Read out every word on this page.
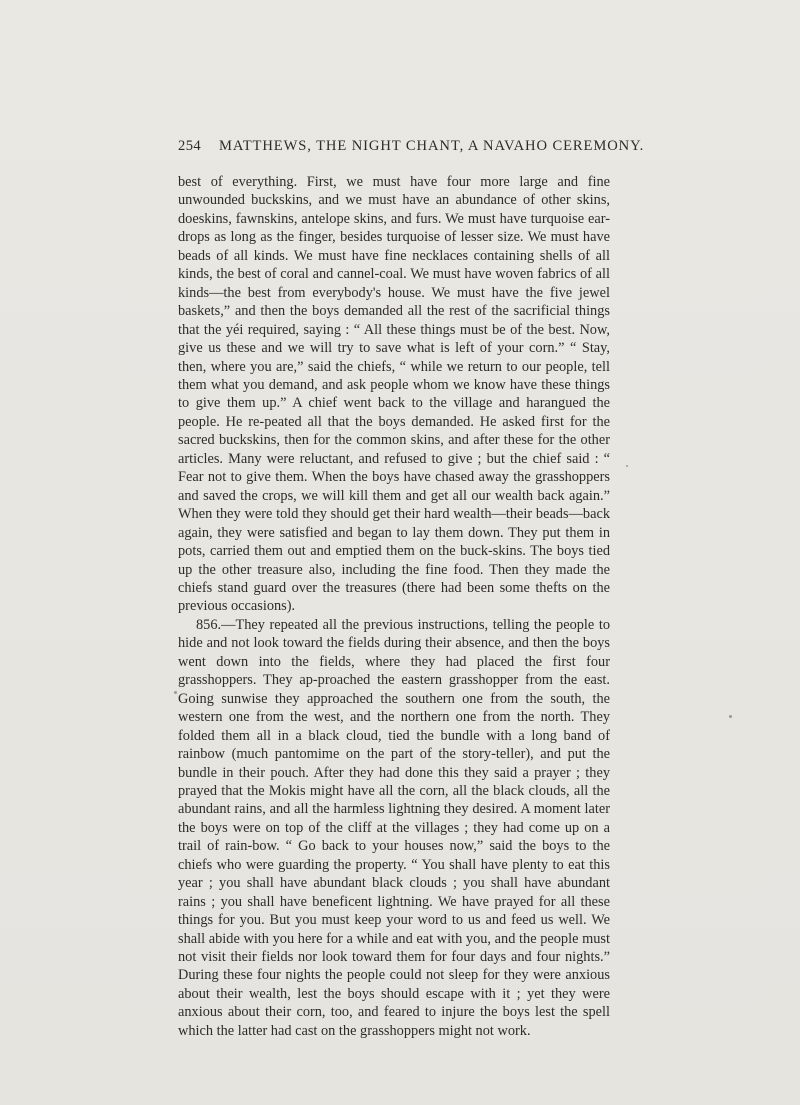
254 MATTHEWS, THE NIGHT CHANT, A NAVAHO CEREMONY.

best of everything. First, we must have four more large and fine unwounded buckskins, and we must have an abundance of other skins, doeskins, fawnskins, antelope skins, and furs. We must have turquoise ear-drops as long as the finger, besides turquoise of lesser size. We must have beads of all kinds. We must have fine necklaces containing shells of all kinds, the best of coral and cannel-coal. We must have woven fabrics of all kinds—the best from everybody's house. We must have the five jewel baskets,” and then the boys demanded all the rest of the sacrificial things that the yéi required, saying : “ All these things must be of the best. Now, give us these and we will try to save what is left of your corn.” “ Stay, then, where you are,” said the chiefs, “ while we return to our people, tell them what you demand, and ask people whom we know have these things to give them up.” A chief went back to the village and harangued the people. He re-peated all that the boys demanded. He asked first for the sacred buckskins, then for the common skins, and after these for the other articles. Many were reluctant, and refused to give ; but the chief said : “ Fear not to give them. When the boys have chased away the grasshoppers and saved the crops, we will kill them and get all our wealth back again.” When they were told they should get their hard wealth—their beads—back again, they were satisfied and began to lay them down. They put them in pots, carried them out and emptied them on the buck-skins. The boys tied up the other treasure also, including the fine food. Then they made the chiefs stand guard over the treasures (there had been some thefts on the previous occasions).

856.—They repeated all the previous instructions, telling the people to hide and not look toward the fields during their absence, and then the boys went down into the fields, where they had placed the first four grasshoppers. They ap-proached the eastern grasshopper from the east. Going sunwise they approached the southern one from the south, the western one from the west, and the northern one from the north. They folded them all in a black cloud, tied the bundle with a long band of rainbow (much pantomime on the part of the story-teller), and put the bundle in their pouch. After they had done this they said a prayer ; they prayed that the Mokis might have all the corn, all the black clouds, all the abundant rains, and all the harmless lightning they desired. A moment later the boys were on top of the cliff at the villages ; they had come up on a trail of rain-bow. “ Go back to your houses now,” said the boys to the chiefs who were guarding the property. “ You shall have plenty to eat this year ; you shall have abundant black clouds ; you shall have abundant rains ; you shall have beneficent lightning. We have prayed for all these things for you. But you must keep your word to us and feed us well. We shall abide with you here for a while and eat with you, and the people must not visit their fields nor look toward them for four days and four nights.” During these four nights the people could not sleep for they were anxious about their wealth, lest the boys should escape with it ; yet they were anxious about their corn, too, and feared to injure the boys lest the spell which the latter had cast on the grasshoppers might not work.
